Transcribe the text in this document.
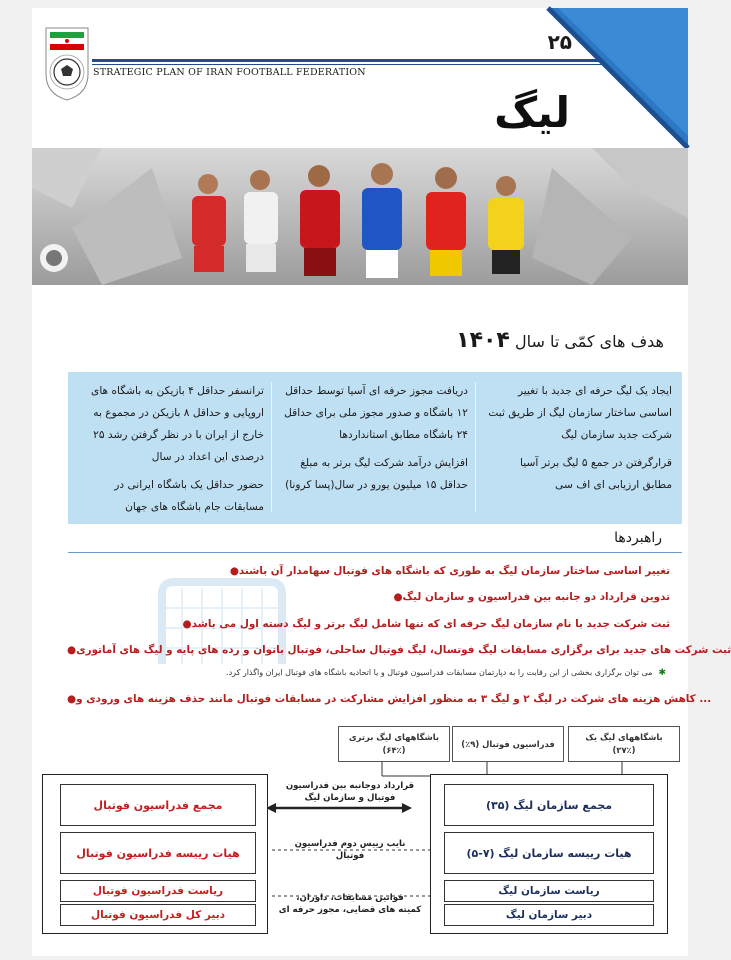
STRATEGIC PLAN OF IRAN FOOTBALL FEDERATION
۲۵
لیگ
هدف های کمّی تا سال ۱۴۰۴

ایجاد یک لیگ حرفه ای جدید با تغییر اساسی ساختار سازمان لیگ از طریق ثبت شرکت جدید سازمان لیگ

قرارگرفتن در جمع ۵ لیگ برتر آسیا مطابق ارزیابی ای اف سی

دریافت مجوز حرفه ای آسیا توسط حداقل ۱۲ باشگاه و صدور مجوز ملی برای حداقل ۲۴ باشگاه مطابق استانداردها

افزایش درآمد شرکت لیگ برتر به مبلغ حداقل ۱۵ میلیون یورو در سال(پسا کرونا)

ترانسفر حداقل ۴ بازیکن به باشگاه های اروپایی و حداقل ۸ بازیکن در مجموع به خارج از ایران با در نظر گرفتن رشد ۲۵ درصدی این اعداد در سال

حضور حداقل یک باشگاه ایرانی در مسابقات جام باشگاه های جهان

راهبردها
●تغییر اساسی ساختار سازمان لیگ به طوری که باشگاه های فوتبال سهامدار آن باشند
●تدوین قرارداد دو جانبه بین فدراسیون و سازمان لیگ
●ثبت شرکت جدید با نام سازمان لیگ حرفه ای که تنها شامل لیگ برتر و لیگ دسته اول می باشد
●ثبت شرکت های جدید برای برگزاری مسابقات لیگ فوتسال، لیگ فوتبال ساحلی، فوتبال بانوان و رده های پایه و لیگ های آماتوری
✱می توان برگزاری بخشی از این رقابت را به دپارتمان مسابقات فدراسیون فوتبال و یا اتحادیه باشگاه های فوتبال ایران واگذار کرد.
●کاهش هزینه های شرکت در لیگ ۲ و لیگ ۳ به منظور افزایش مشارکت در مسابقات فوتبال مانند حذف هزینه های ورودی و ...
باشگاههای لیگ برتری
(۶۴٪)
فدراسیون فوتبال (۹٪)
باشگاههای لیگ یک
(۲۷٪)
مجمع فدراسیون فوتبال
هیات رییسه فدراسیون فوتبال
ریاست فدراسیون فوتبال
دبیر کل فدراسیون فوتبال
مجمع سازمان لیگ (۳۵)
هیات رییسه سازمان لیگ (۷-۵)
ریاست سازمان لیگ
دبیر سازمان لیگ
قرارداد دوجانبه بین فدراسیون
فوتبال و سازمان لیگ
نایب رییس دوم فدراسیون
فوتبال
قوانین مسابقات، داوران،
کمیته های قضایی، مجوز حرفه ای
